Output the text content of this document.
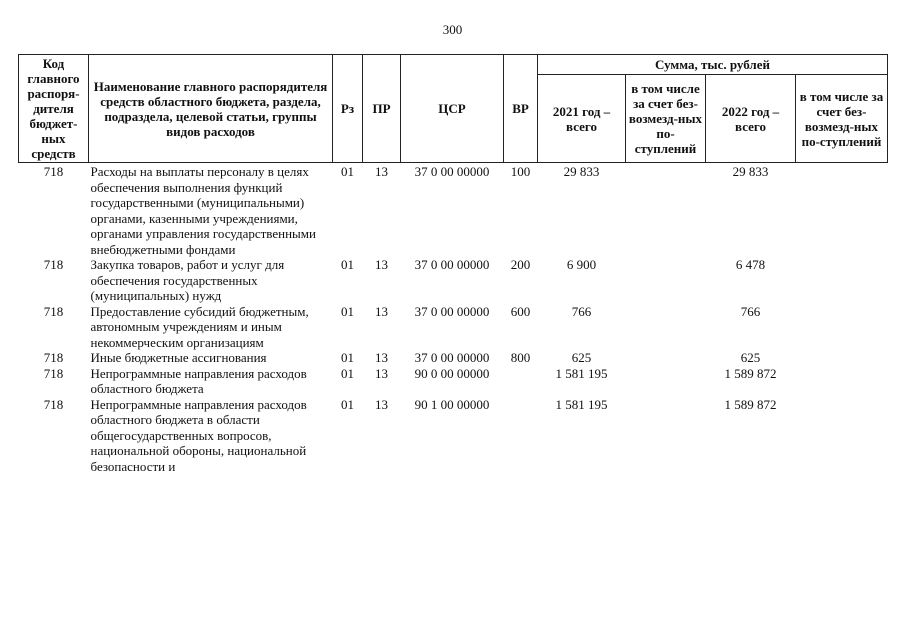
300
Код главного распоря-дителя бюджет-ных средств	Наименование главного распорядителя средств областного бюджета, раздела, подраздела, целевой статьи, группы видов расходов	Рз	ПР	ЦСР	ВР	Сумма, тыс. рублей			
						2021 год – всего	в том числе за счет без-возмезд-ных по-ступлений	2022 год – всего	в том числе за счет без-возмезд-ных по-ступлений
718	Расходы на выплаты персоналу в целях обеспечения выполнения функций государственными (муниципальными) органами, казенными учреждениями, органами управления государственными внебюджетными фондами	01	13	37 0 00 00000	100	29 833		29 833	
718	Закупка товаров, работ и услуг для обеспечения государственных (муниципальных) нужд	01	13	37 0 00 00000	200	6 900		6 478	
718	Предоставление субсидий бюджетным, автономным учреждениям и иным некоммерческим организациям	01	13	37 0 00 00000	600	766		766	
718	Иные бюджетные ассигнования	01	13	37 0 00 00000	800	625		625	
718	Непрограммные направления расходов областного бюджета	01	13	90 0 00 00000		1 581 195		1 589 872	
718	Непрограммные направления расходов областного бюджета в области общегосударственных вопросов, национальной обороны, национальной безопасности и	01	13	90 1 00 00000		1 581 195		1 589 872	
